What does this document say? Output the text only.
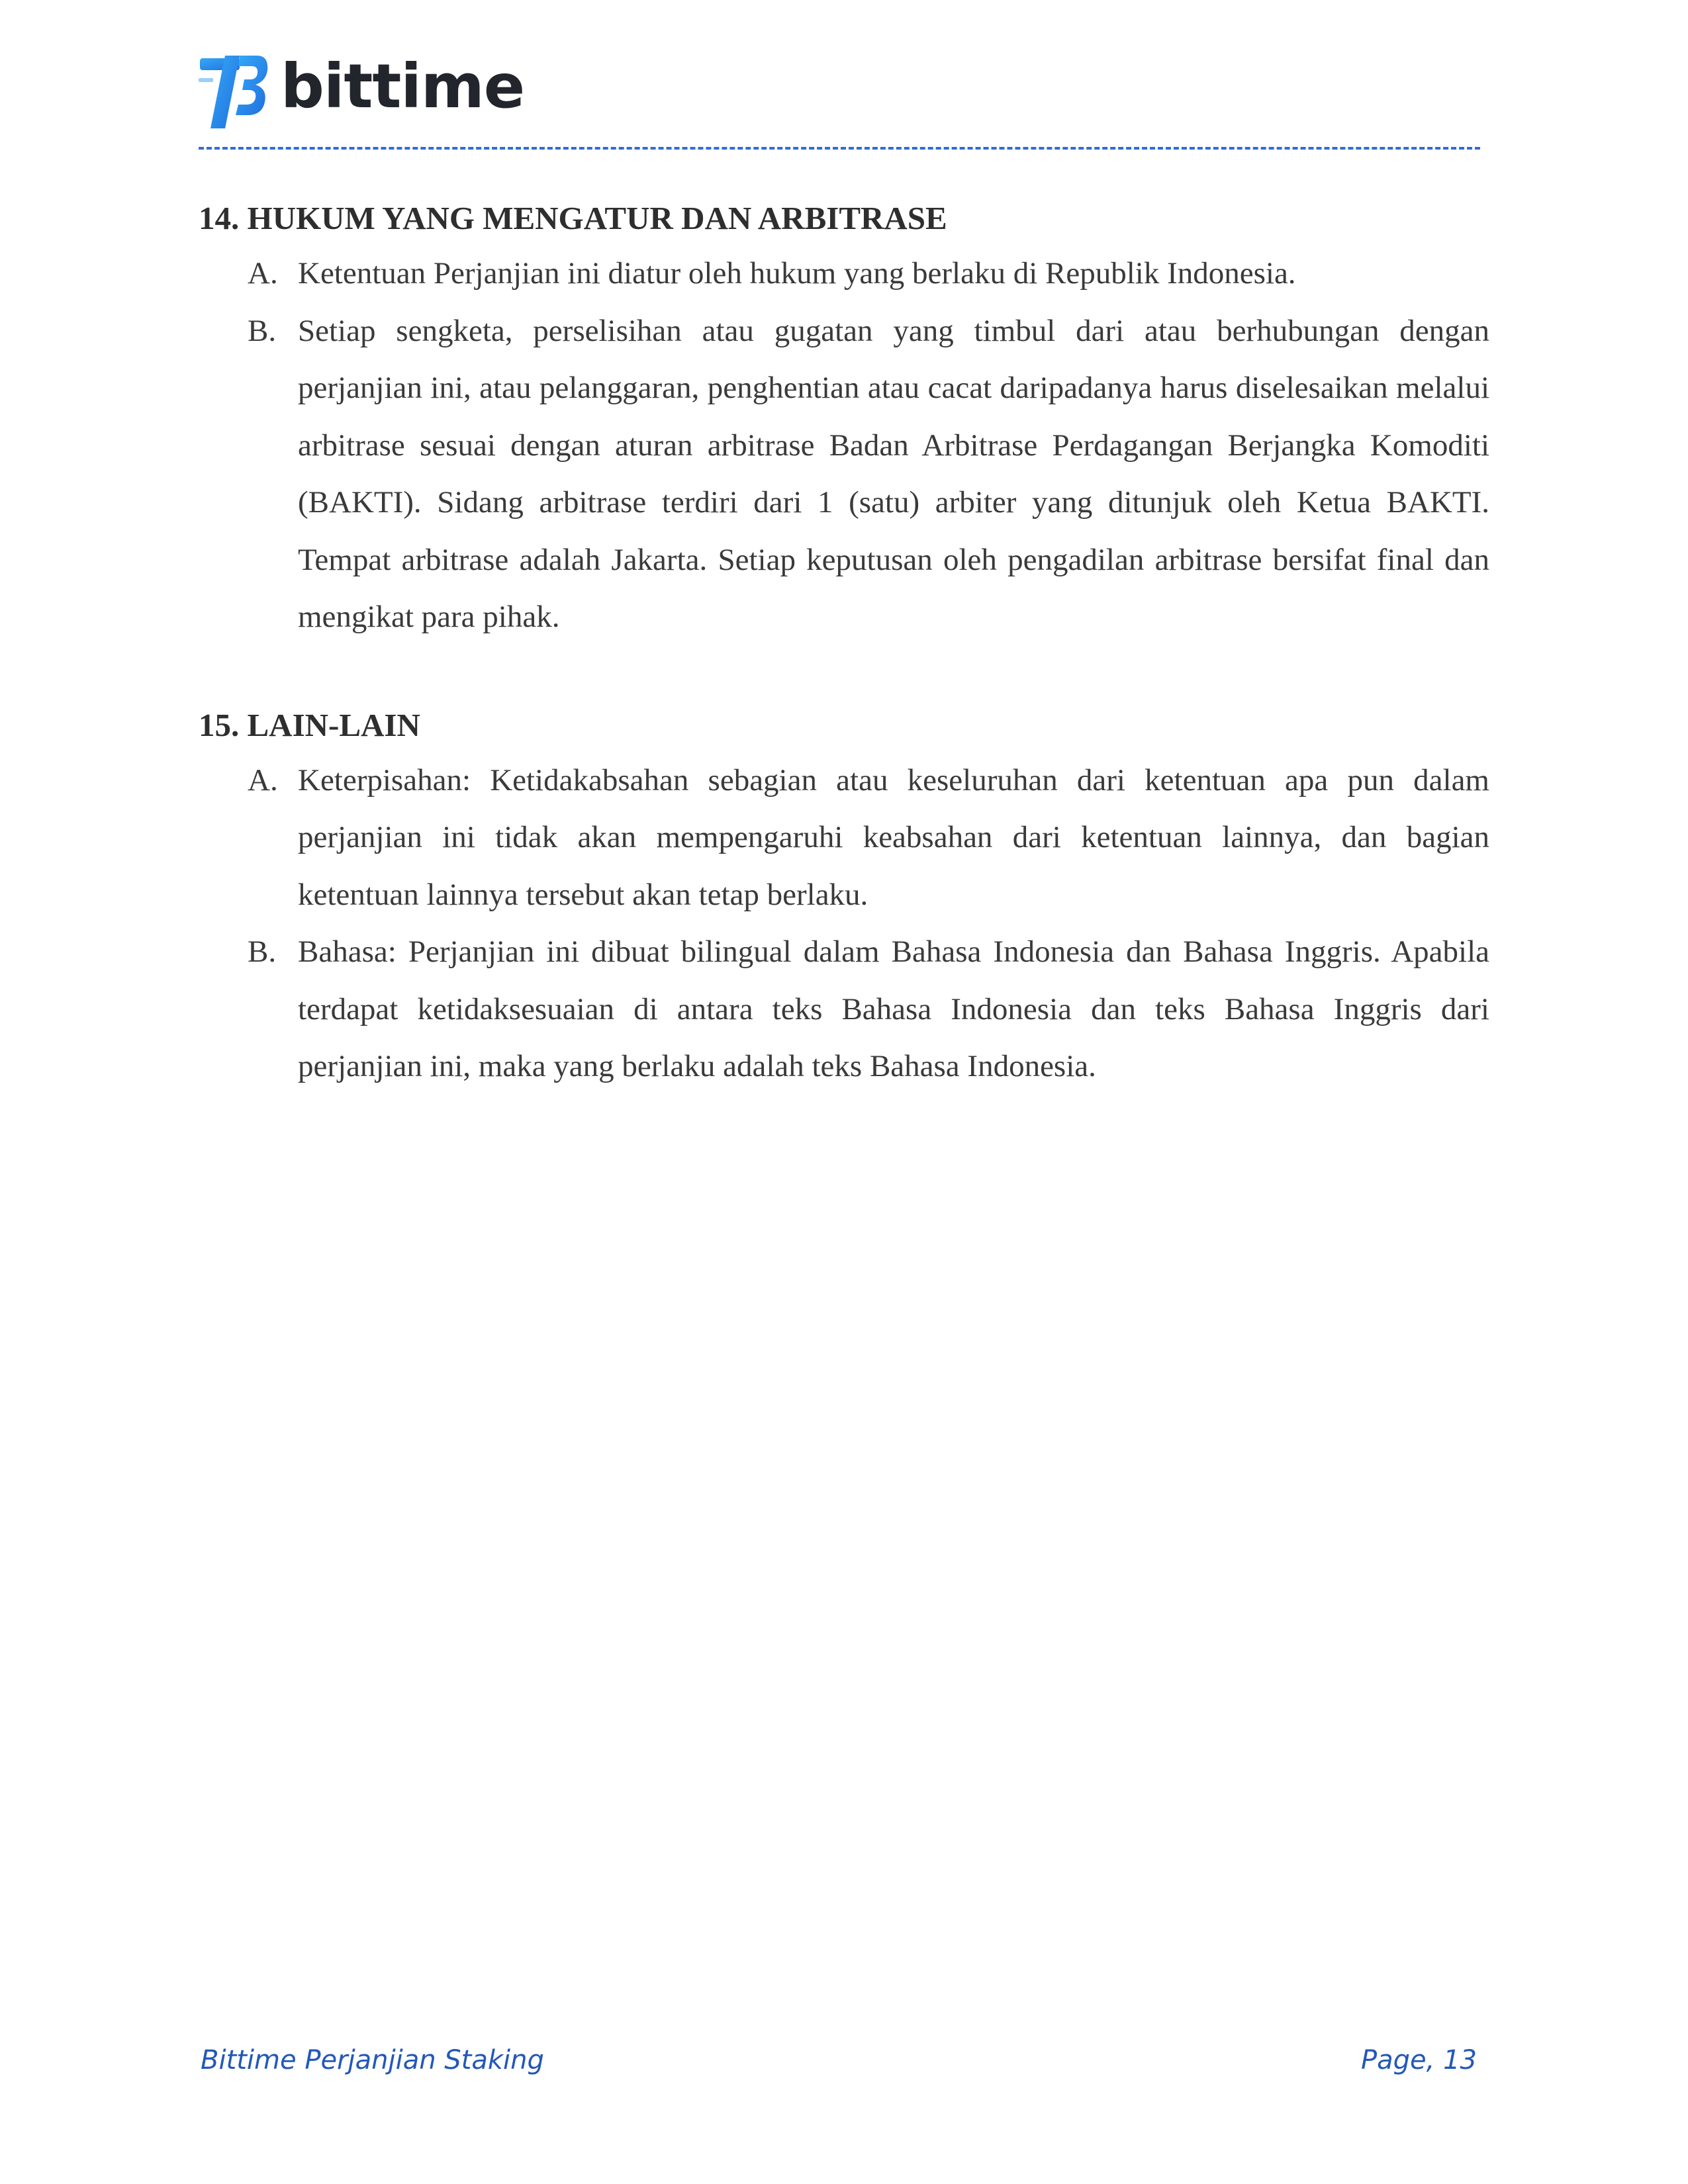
bittime
14. HUKUM YANG MENGATUR DAN ARBITRASE
A. Ketentuan Perjanjian ini diatur oleh hukum yang berlaku di Republik Indonesia.
B. Setiap sengketa, perselisihan atau gugatan yang timbul dari atau berhubungan dengan perjanjian ini, atau pelanggaran, penghentian atau cacat daripadanya harus diselesaikan melalui arbitrase sesuai dengan aturan arbitrase Badan Arbitrase Perdagangan Berjangka Komoditi (BAKTI). Sidang arbitrase terdiri dari 1 (satu) arbiter yang ditunjuk oleh Ketua BAKTI. Tempat arbitrase adalah Jakarta. Setiap keputusan oleh pengadilan arbitrase bersifat final dan mengikat para pihak.
15. LAIN-LAIN
A. Keterpisahan: Ketidakabsahan sebagian atau keseluruhan dari ketentuan apa pun dalam perjanjian ini tidak akan mempengaruhi keabsahan dari ketentuan lainnya, dan bagian ketentuan lainnya tersebut akan tetap berlaku.
B. Bahasa: Perjanjian ini dibuat bilingual dalam Bahasa Indonesia dan Bahasa Inggris. Apabila terdapat ketidaksesuaian di antara teks Bahasa Indonesia dan teks Bahasa Inggris dari perjanjian ini, maka yang berlaku adalah teks Bahasa Indonesia.
Bittime Perjanjian Staking	Page, 13
